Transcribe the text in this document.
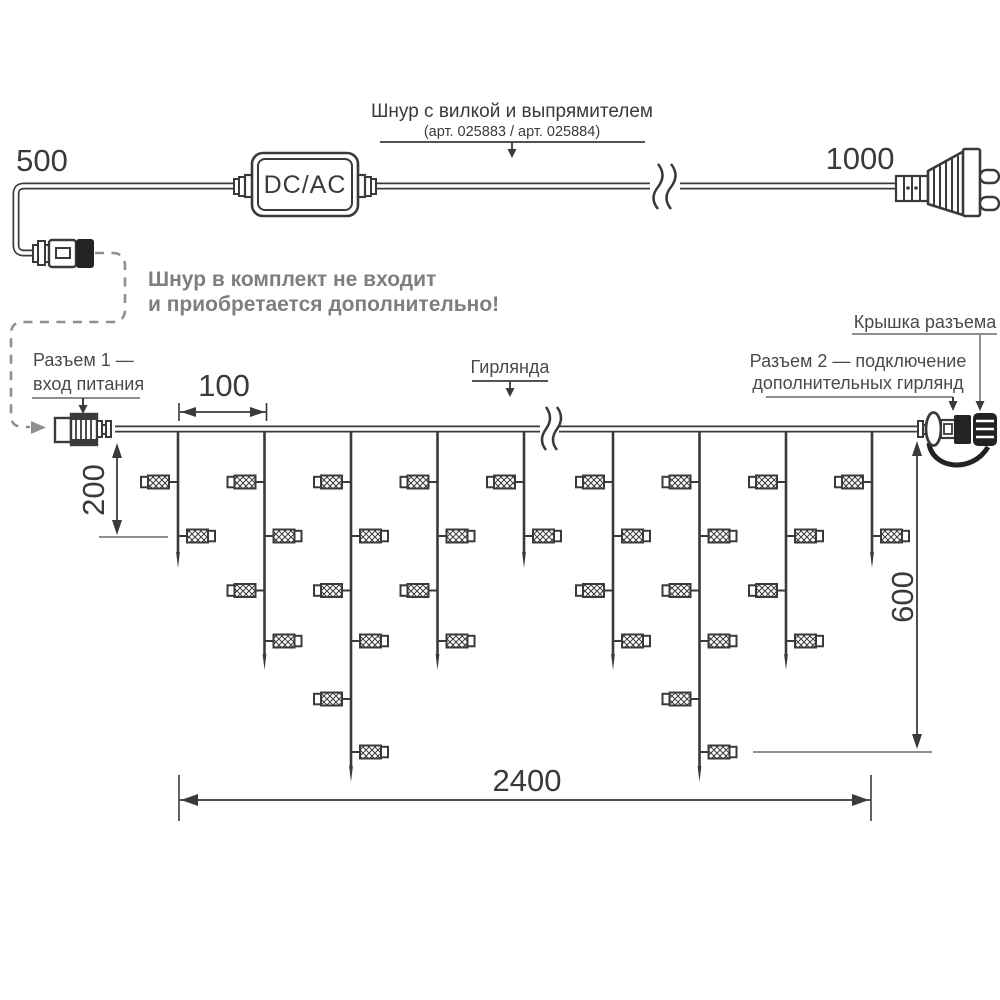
DC/AC
500	1000
Шнур с вилкой и выпрямителем
(арт. 025883 / арт. 025884)
Шнур в комплект не входит
и приобретается дополнительно!
Разъем 1 —
вход питания
Гирлянда
Крышка разъема
Разъем 2 — подключение
дополнительных гирлянд
100
200
600
2400
